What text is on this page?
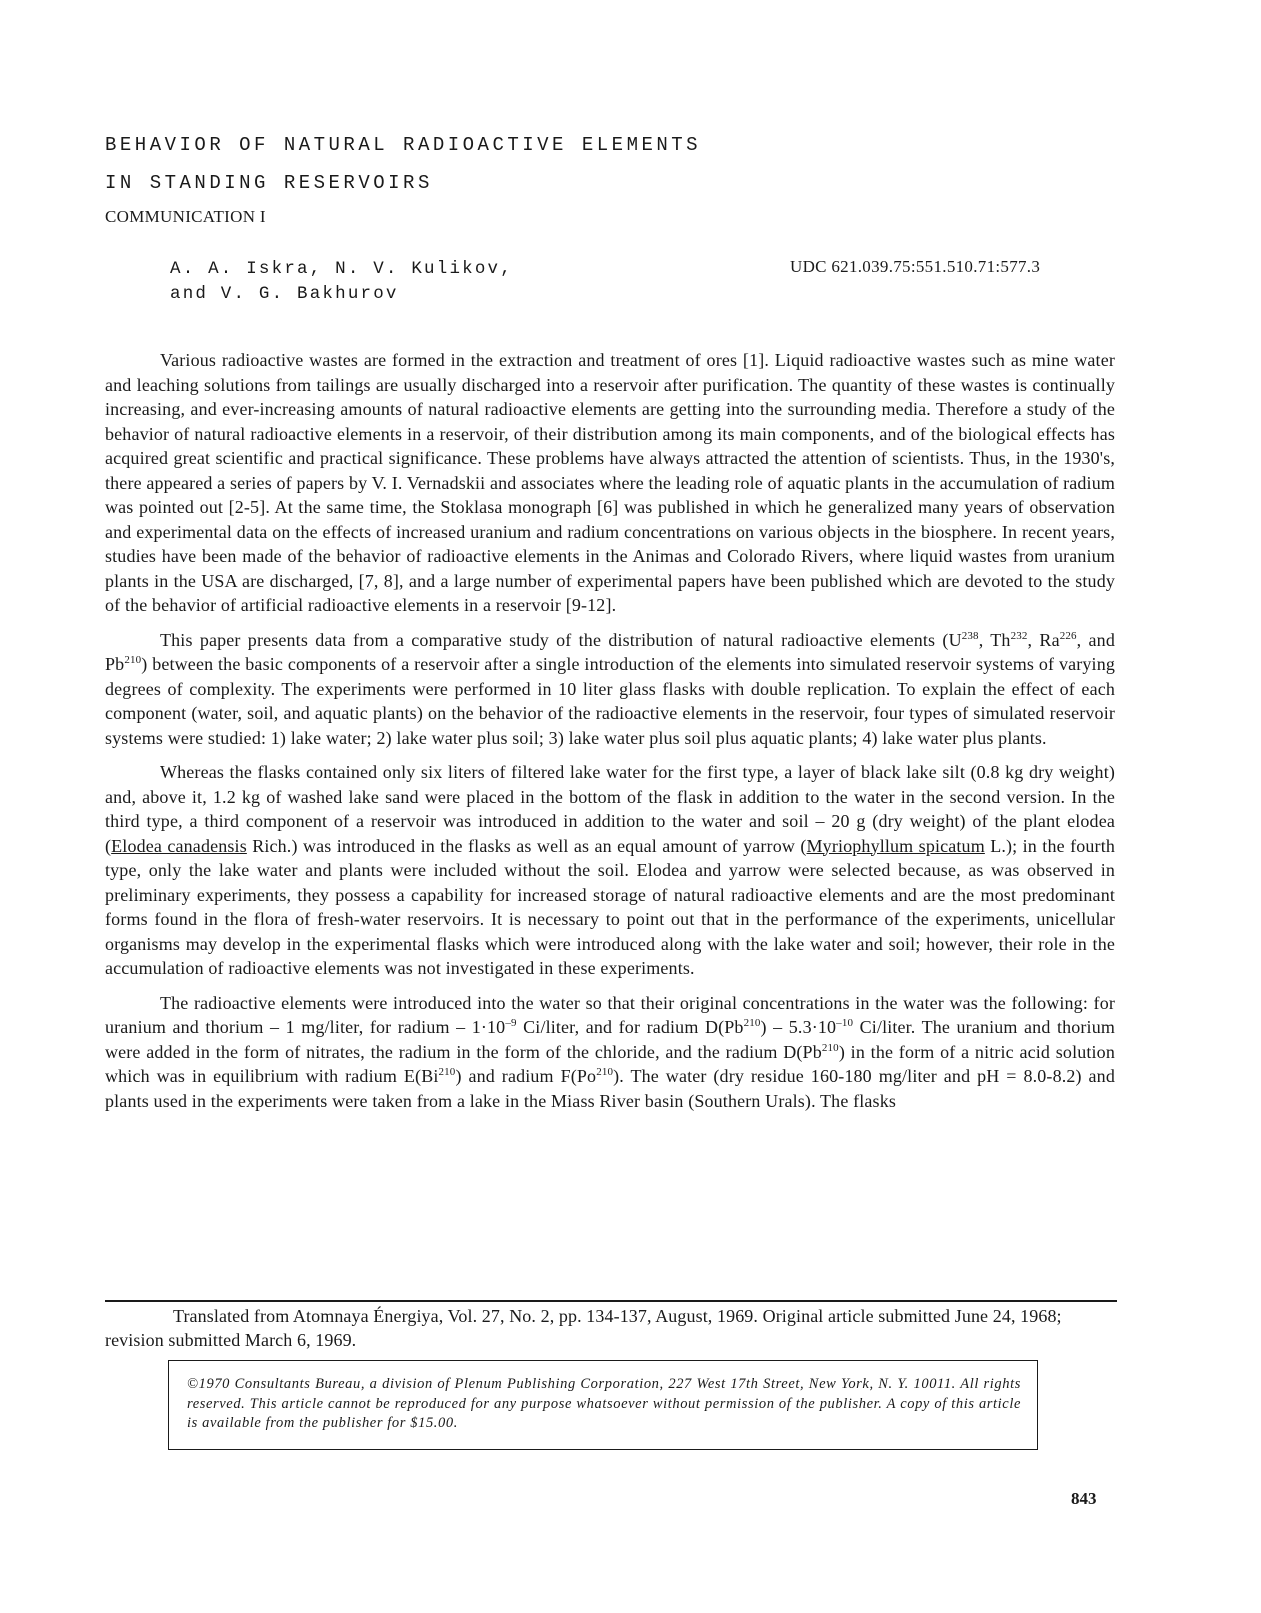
BEHAVIOR OF NATURAL RADIOACTIVE ELEMENTS
IN STANDING RESERVOIRS
COMMUNICATION I
A. A. Iskra, N. V. Kulikov,
and V. G. Bakhurov
UDC 621.039.75:551.510.71:577.3

Various radioactive wastes are formed in the extraction and treatment of ores [1]. Liquid radioactive wastes such as mine water and leaching solutions from tailings are usually discharged into a reservoir after purification. The quantity of these wastes is continually increasing, and ever-increasing amounts of natural radioactive elements are getting into the surrounding media. Therefore a study of the behavior of natural radioactive elements in a reservoir, of their distribution among its main components, and of the biological effects has acquired great scientific and practical significance. These problems have always attracted the attention of scientists. Thus, in the 1930's, there appeared a series of papers by V. I. Vernadskii and associates where the leading role of aquatic plants in the accumulation of radium was pointed out [2-5]. At the same time, the Stoklasa monograph [6] was published in which he generalized many years of observation and experimental data on the effects of increased uranium and radium concentrations on various objects in the biosphere. In recent years, studies have been made of the behavior of radioactive elements in the Animas and Colorado Rivers, where liquid wastes from uranium plants in the USA are discharged, [7, 8], and a large number of experimental papers have been published which are devoted to the study of the behavior of artificial radioactive elements in a reservoir [9-12].

This paper presents data from a comparative study of the distribution of natural radioactive elements ($U^{238}$, Th$^{232}$, Ra$^{226}$, and Pb$^{210}$) between the basic components of a reservoir after a single introduction of the elements into simulated reservoir systems of varying degrees of complexity. The experiments were performed in 10 liter glass flasks with double replication. To explain the effect of each component (water, soil, and aquatic plants) on the behavior of the radioactive elements in the reservoir, four types of simulated reservoir systems were studied: 1) lake water; 2) lake water plus soil; 3) lake water plus soil plus aquatic plants; 4) lake water plus plants.

Whereas the flasks contained only six liters of filtered lake water for the first type, a layer of black lake silt (0.8 kg dry weight) and, above it, 1.2 kg of washed lake sand were placed in the bottom of the flask in addition to the water in the second version. In the third type, a third component of a reservoir was introduced in addition to the water and soil – 20 g (dry weight) of the plant elodea (Elodea canadensis Rich.) was introduced in the flasks as well as an equal amount of yarrow (Myriophyllum spicatum L.); in the fourth type, only the lake water and plants were included without the soil. Elodea and yarrow were selected because, as was observed in preliminary experiments, they possess a capability for increased storage of natural radioactive elements and are the most predominant forms found in the flora of fresh-water reservoirs. It is necessary to point out that in the performance of the experiments, unicellular organisms may develop in the experimental flasks which were introduced along with the lake water and soil; however, their role in the accumulation of radioactive elements was not investigated in these experiments.

The radioactive elements were introduced into the water so that their original concentrations in the water was the following: for uranium and thorium – 1 mg/liter, for radium – $1\cdot 10^{-9}$ Ci/liter, and for radium $D(Pb^{210}) - 5.3\cdot 10^{-10}$ Ci/liter. The uranium and thorium were added in the form of nitrates, the radium in the form of the chloride, and the radium D(Pb$^{210}$) in the form of a nitric acid solution which was in equilibrium with radium E(Bi$^{210}$) and radium F(Po$^{210}$). The water (dry residue 160-180 mg/liter and pH = 8.0-8.2) and plants used in the experiments were taken from a lake in the Miass River basin (Southern Urals). The flasks

Translated from Atomnaya Énergiya, Vol. 27, No. 2, pp. 134-137, August, 1969. Original article submitted June 24, 1968; revision submitted March 6, 1969.

©1970 Consultants Bureau, a division of Plenum Publishing Corporation, 227 West 17th Street, New York, N. Y. 10011. All rights reserved. This article cannot be reproduced for any purpose whatsoever without permission of the publisher. A copy of this article is available from the publisher for $15.00.

843
